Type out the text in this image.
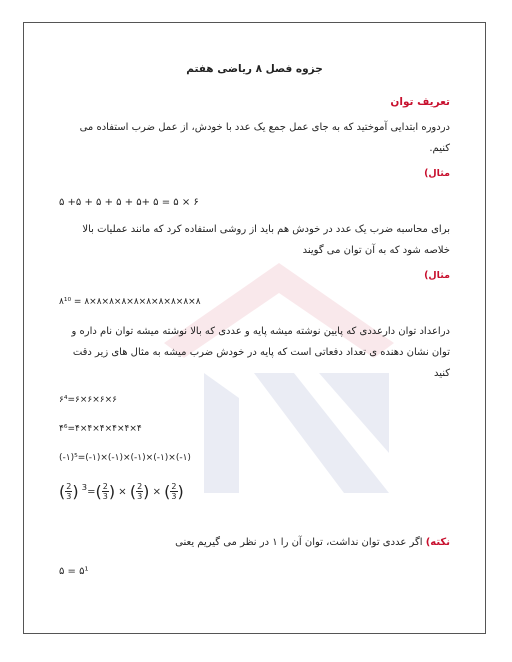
جزوه فصل ۸ ریاضی هفتم

تعریف توان

دردوره ابتدایی آموختید که به جای عمل جمع یک عدد با خودش، از عمل ضرب استفاده می کنیم.

مثال)

۵ +۵ + ۵ + ۵ + ۵+ ۵ = ۵ × ۶

برای محاسبه ضرب یک عدد در خودش هم باید از روشی استفاده کرد که مانند عملیات بالا خلاصه شود که به آن توان می گویند

مثال)

۸¹⁰ = ۸×۸×۸×۸×۸×۸×۸×۸×۸×۸

دراعداد توان دارعددی که پایین نوشته میشه پایه و عددی که بالا نوشته میشه توان نام داره و توان نشان دهنده ی تعداد دفعاتی است که پایه در خودش ضرب میشه به مثال های زیر دقت کنید

۶⁴=۶×۶×۶×۶

۴⁶=۴×۴×۴×۴×۴×۴

(-۱)⁵=(-۱)×(-۱)×(-۱)×(-۱)×(-۱)

( $\frac{2}{3}$ ) $^3=( \frac{2}{3}$ ) × ( $\frac{2}{3}$ ) × ( $\frac{2}{3}$ )

نکته) اگر عددی توان نداشت، توان آن را ۱ در نظر می گیریم یعنی

۵ = ۵¹
